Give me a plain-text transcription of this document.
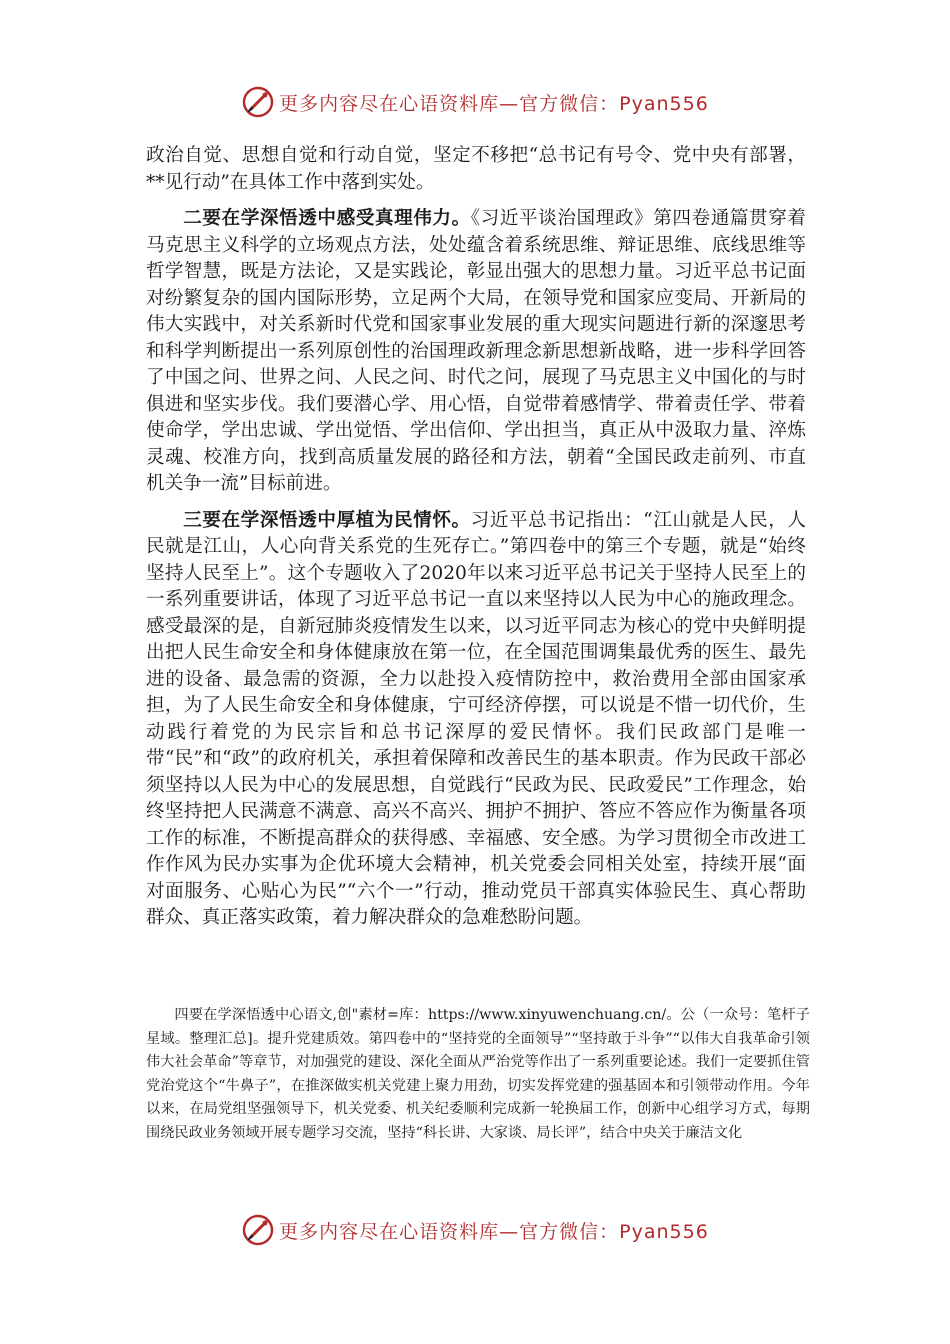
更多内容尽在心语资料库—官方微信：Pyan556

政治自觉、思想自觉和行动自觉，坚定不移把“总书记有号令、党中央有部署，**见行动”在具体工作中落到实处。

二要在学深悟透中感受真理伟力。《习近平谈治国理政》第四卷通篇贯穿着马克思主义科学的立场观点方法，处处蕴含着系统思维、辩证思维、底线思维等哲学智慧，既是方法论，又是实践论，彰显出强大的思想力量。习近平总书记面对纷繁复杂的国内国际形势，立足两个大局，在领导党和国家应变局、开新局的伟大实践中，对关系新时代党和国家事业发展的重大现实问题进行新的深邃思考和科学判断提出一系列原创性的治国理政新理念新思想新战略，进一步科学回答了中国之问、世界之问、人民之问、时代之问，展现了马克思主义中国化的与时俱进和坚实步伐。我们要潜心学、用心悟，自觉带着感情学、带着责任学、带着使命学，学出忠诚、学出觉悟、学出信仰、学出担当，真正从中汲取力量、淬炼灵魂、校准方向，找到高质量发展的路径和方法，朝着“全国民政走前列、市直机关争一流”目标前进。

三要在学深悟透中厚植为民情怀。习近平总书记指出：“江山就是人民，人民就是江山，人心向背关系党的生死存亡。”第四卷中的第三个专题，就是“始终坚持人民至上”。这个专题收入了2020年以来习近平总书记关于坚持人民至上的一系列重要讲话，体现了习近平总书记一直以来坚持以人民为中心的施政理念。感受最深的是，自新冠肺炎疫情发生以来，以习近平同志为核心的党中央鲜明提出把人民生命安全和身体健康放在第一位，在全国范围调集最优秀的医生、最先进的设备、最急需的资源，全力以赴投入疫情防控中，救治费用全部由国家承担，为了人民生命安全和身体健康，宁可经济停摆，可以说是不惜一切代价，生动践行着党的为民宗旨和总书记深厚的爱民情怀。我们民政部门是唯一带“民”和“政”的政府机关，承担着保障和改善民生的基本职责。作为民政干部必须坚持以人民为中心的发展思想，自觉践行“民政为民、民政爱民”工作理念，始终坚持把人民满意不满意、高兴不高兴、拥护不拥护、答应不答应作为衡量各项工作的标准，不断提高群众的获得感、幸福感、安全感。为学习贯彻全市改进工作作风为民办实事为企优环境大会精神，机关党委会同相关处室，持续开展“面对面服务、心贴心为民”“六个一”行动，推动党员干部真实体验民生、真心帮助群众、真正落实政策，着力解决群众的急难愁盼问题。

四要在学深悟透中心语文,创"素材=库：https://www.xinyuwenchuang.cn/。公（一众号：笔杆子星域。整理汇总]。提升党建质效。第四卷中的“坚持党的全面领导”“坚持敢于斗争”“以伟大自我革命引领伟大社会革命”等章节，对加强党的建设、深化全面从严治党等作出了一系列重要论述。我们一定要抓住管党治党这个“牛鼻子”，在推深做实机关党建上聚力用劲，切实发挥党建的强基固本和引领带动作用。今年以来，在局党组坚强领导下，机关党委、机关纪委顺利完成新一轮换届工作，创新中心组学习方式，每期围绕民政业务领域开展专题学习交流，坚持“科长讲、大家谈、局长评”，结合中央关于廉洁文化

更多内容尽在心语资料库—官方微信：Pyan556
